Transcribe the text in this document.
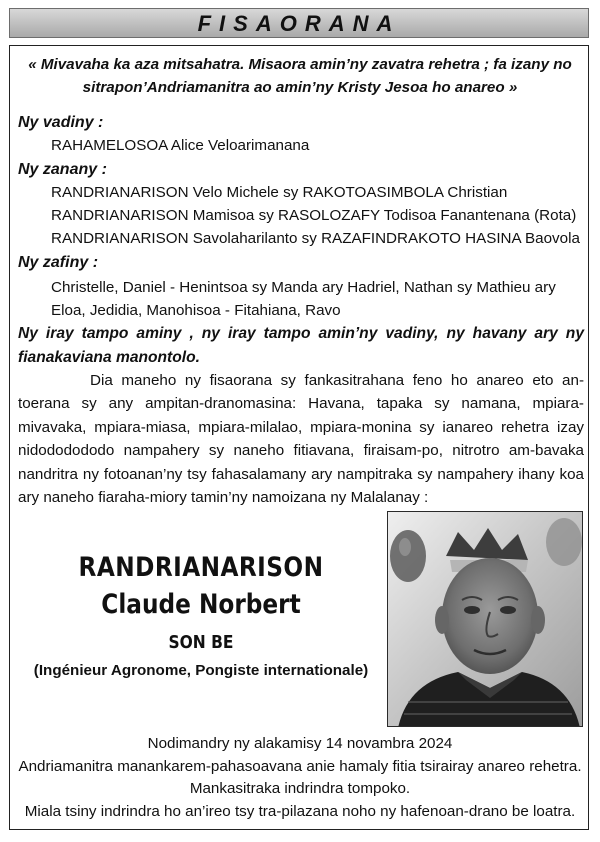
FISAORANA
« Mivavaha ka aza mitsahatra. Misaora amin’ny zavatra rehetra ; fa izany no sitrapon’Andriamanitra ao amin’ny Kristy Jesoa ho anareo »
Ny vadiny :
RAHAMELOSOA Alice Veloarimanana
Ny zanany :
RANDRIANARISON Velo Michele sy RAKOTOASIMBOLA Christian
RANDRIANARISON Mamisoa sy RASOLOZAFY Todisoa Fanantenana (Rota)
RANDRIANARISON Savolaharilanto sy RAZAFINDRAKOTO HASINA Baovola
Ny zafiny :
Christelle, Daniel - Henintsoa sy Manda ary Hadriel, Nathan sy Mathieu ary Eloa, Jedidia, Manohisoa - Fitahiana, Ravo
Ny iray tampo aminy , ny iray tampo amin’ny vadiny, ny havany ary ny fianakaviana manontolo.
Dia maneho ny fisaorana sy fankasitrahana feno ho anareo eto an-toerana sy any ampitan-dranomasina: Havana, tapaka sy namana, mpiara-mivavaka, mpiara-miasa, mpiara-milalao, mpiara-monina sy ianareo rehetra izay nidododododo nampahery sy naneho fitiavana, firaisam-po, nitrotro am-bavaka nandritra ny fotoanan’ny tsy fahasalamany ary nampitraka sy nampahery ihany koa ary naneho fiaraha-miory tamin’ny namoizana ny Malalanay :
RANDRIANARISON
Claude Norbert
SON BE
(Ingénieur Agronome, Pongiste internationale)
Nodimandry ny alakamisy 14 novambra 2024
Andriamanitra manankarem-pahasoavana anie hamaly fitia tsirairay anareo rehetra.
Mankasitraka indrindra tompoko.
Miala tsiny indrindra ho an’ireo tsy tra-pilazana noho ny hafenoan-drano be loatra.
